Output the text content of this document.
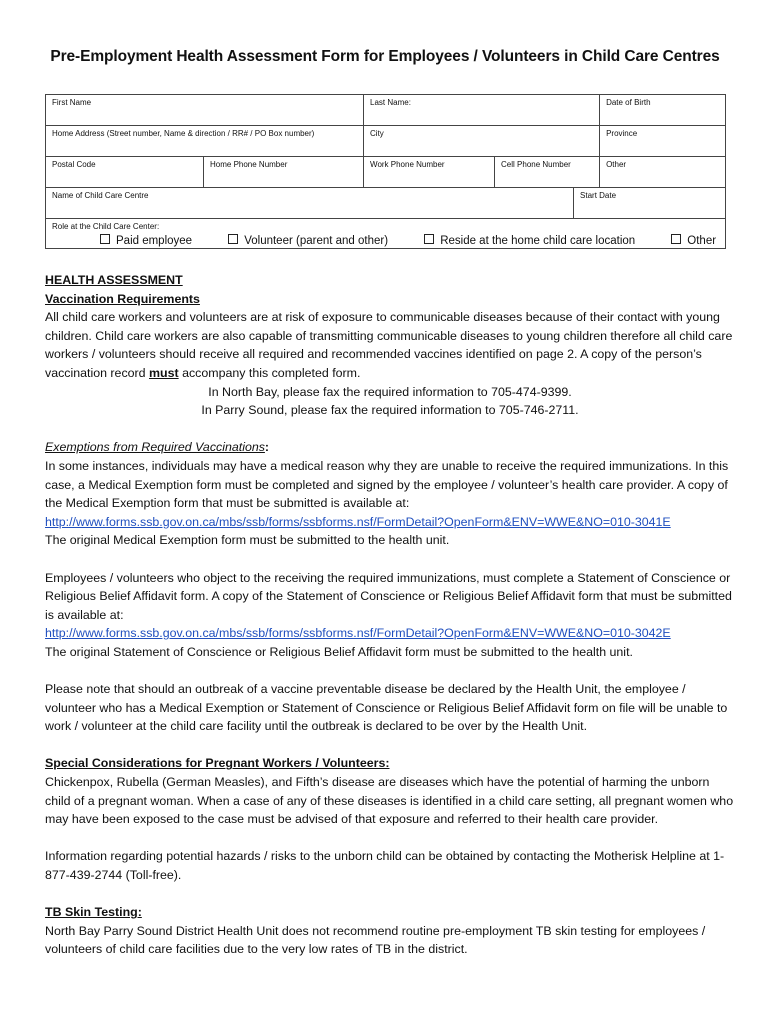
Pre-Employment Health Assessment Form for Employees / Volunteers in Child Care Centres
First Name		Last Name:			Date of Birth
Home Address (Street number, Name & direction / RR# / PO Box number)		City			Province
Postal Code	Home Phone Number	Work Phone Number	Cell Phone Number		Other
Name of Child Care Centre				Start Date	

Role at the Child Care Center:
Paid employee Volunteer (parent and other) Reside at the home child care location Other					

HEALTH ASSESSMENT

Vaccination Requirements

All child care workers and volunteers are at risk of exposure to communicable diseases because of their contact with young children. Child care workers are also capable of transmitting communicable diseases to young children therefore all child care workers / volunteers should receive all required and recommended vaccines identified on page 2. A copy of the person’s vaccination record must accompany this completed form.

In North Bay, please fax the required information to 705-474-9399.

In Parry Sound, please fax the required information to 705-746-2711.

Exemptions from Required Vaccinations:

In some instances, individuals may have a medical reason why they are unable to receive the required immunizations. In this case, a Medical Exemption form must be completed and signed by the employee / volunteer’s health care provider. A copy of the Medical Exemption form that must be submitted is available at:

http://www.forms.ssb.gov.on.ca/mbs/ssb/forms/ssbforms.nsf/FormDetail?OpenForm&ENV=WWE&NO=010-3041E

The original Medical Exemption form must be submitted to the health unit.

Employees / volunteers who object to the receiving the required immunizations, must complete a Statement of Conscience or Religious Belief Affidavit form. A copy of the Statement of Conscience or Religious Belief Affidavit form that must be submitted is available at:

http://www.forms.ssb.gov.on.ca/mbs/ssb/forms/ssbforms.nsf/FormDetail?OpenForm&ENV=WWE&NO=010-3042E

The original Statement of Conscience or Religious Belief Affidavit form must be submitted to the health unit.

Please note that should an outbreak of a vaccine preventable disease be declared by the Health Unit, the employee / volunteer who has a Medical Exemption or Statement of Conscience or Religious Belief Affidavit form on file will be unable to work / volunteer at the child care facility until the outbreak is declared to be over by the Health Unit.

Special Considerations for Pregnant Workers / Volunteers:

Chickenpox, Rubella (German Measles), and Fifth’s disease are diseases which have the potential of harming the unborn child of a pregnant woman. When a case of any of these diseases is identified in a child care setting, all pregnant women who may have been exposed to the case must be advised of that exposure and referred to their health care provider.

Information regarding potential hazards / risks to the unborn child can be obtained by contacting the Motherisk Helpline at 1-877-439-2744 (Toll-free).

TB Skin Testing:

North Bay Parry Sound District Health Unit does not recommend routine pre-employment TB skin testing for employees / volunteers of child care facilities due to the very low rates of TB in the district.
